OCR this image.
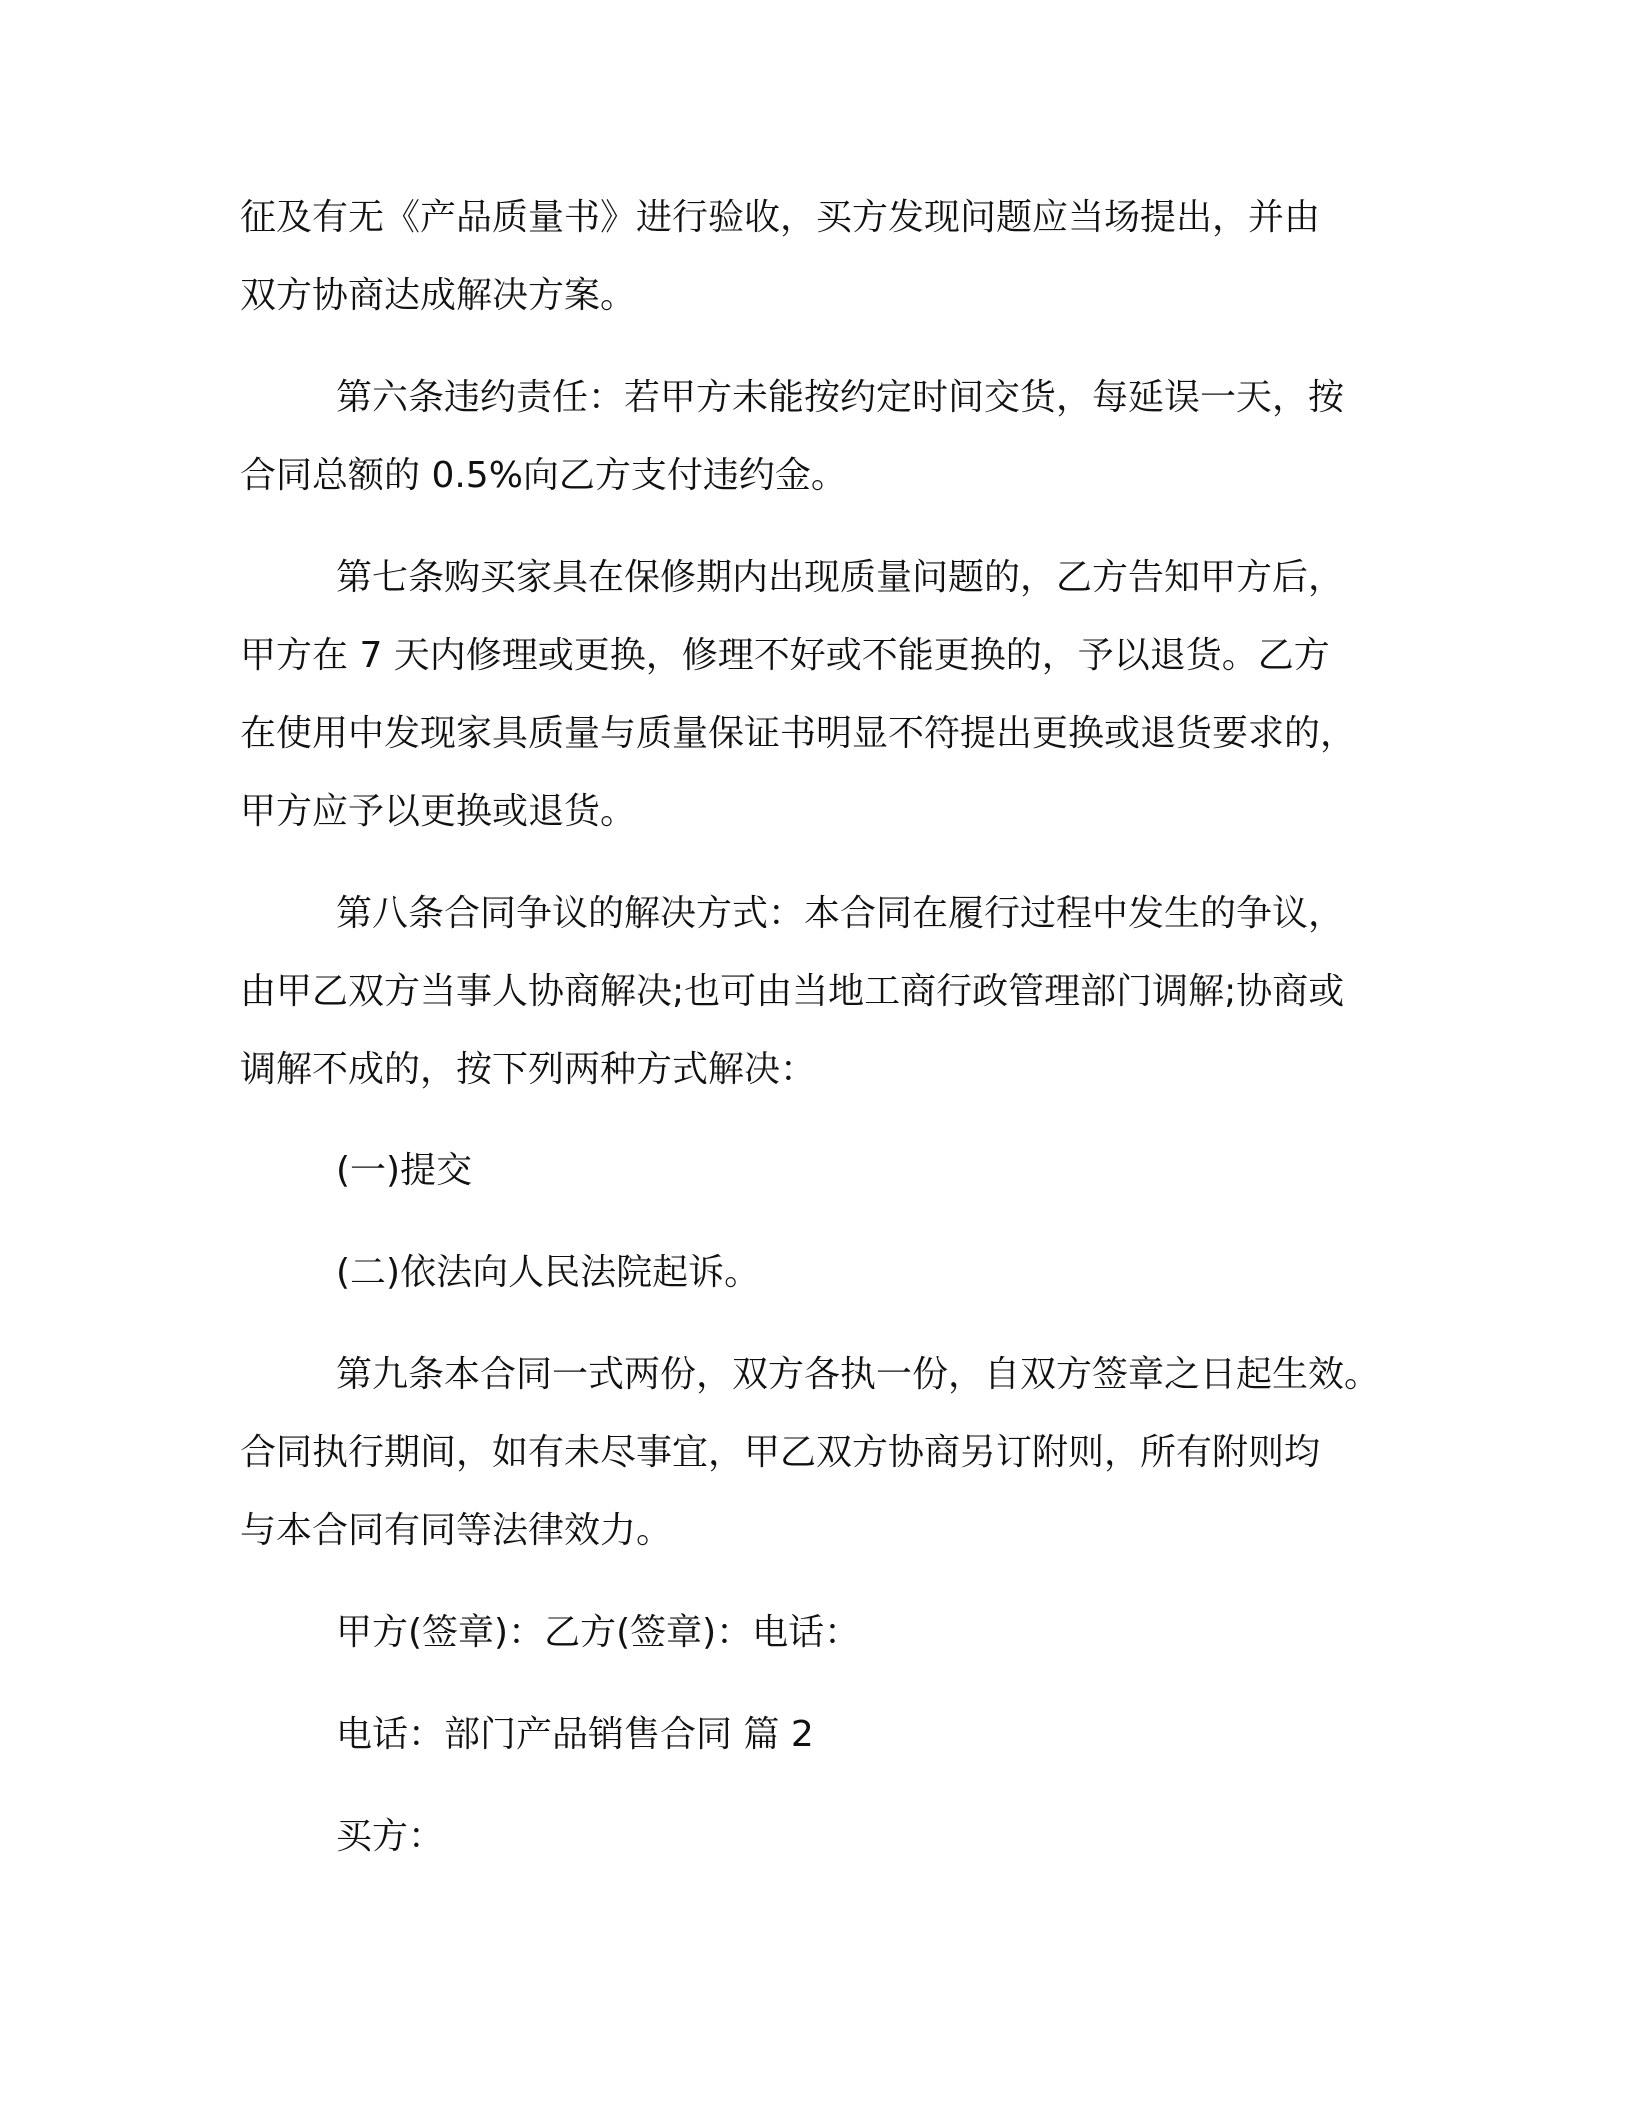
征及有无《产品质量书》进行验收，买方发现问题应当场提出，并由
双方协商达成解决方案。
第六条违约责任：若甲方未能按约定时间交货，每延误一天，按
合同总额的 0.5%向乙方支付违约金。
第七条购买家具在保修期内出现质量问题的，乙方告知甲方后，
甲方在 7 天内修理或更换，修理不好或不能更换的，予以退货。乙方
在使用中发现家具质量与质量保证书明显不符提出更换或退货要求的，
甲方应予以更换或退货。
第八条合同争议的解决方式：本合同在履行过程中发生的争议，
由甲乙双方当事人协商解决;也可由当地工商行政管理部门调解;协商或
调解不成的，按下列两种方式解决：
(一)提交
(二)依法向人民法院起诉。
第九条本合同一式两份，双方各执一份，自双方签章之日起生效。
合同执行期间，如有未尽事宜，甲乙双方协商另订附则，所有附则均
与本合同有同等法律效力。
甲方(签章)：乙方(签章)：电话：
电话：部门产品销售合同 篇 2
买方：
